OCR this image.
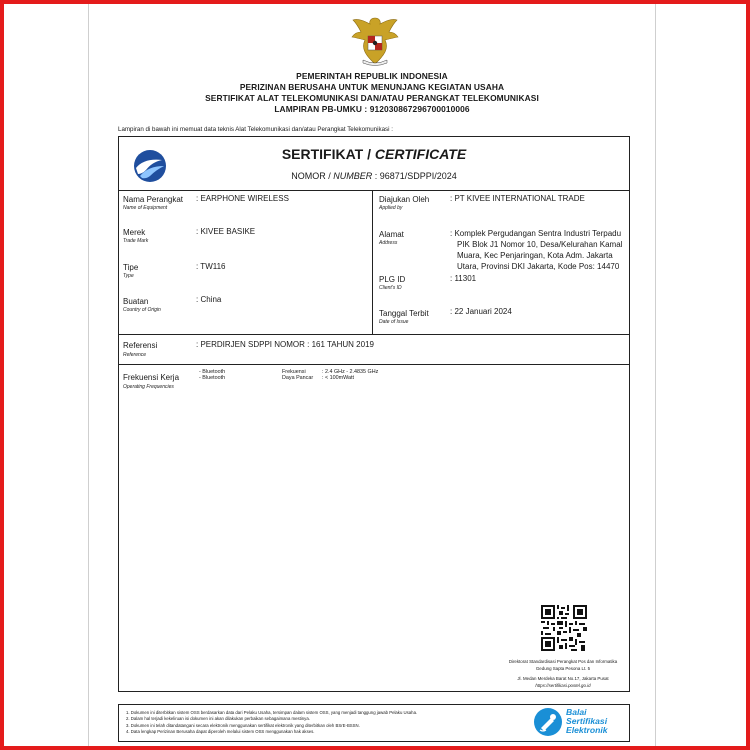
PEMERINTAH REPUBLIK INDONESIA
PERIZINAN BERUSAHA UNTUK MENUNJANG KEGIATAN USAHA
SERTIFIKAT ALAT TELEKOMUNIKASI DAN/ATAU PERANGKAT TELEKOMUNIKASI
LAMPIRAN PB-UMKU : 912030867296700010006
Lampiran di bawah ini memuat data teknis Alat Telekomunikasi dan/atau Perangkat Telekomunikasi :
SERTIFIKAT / CERTIFICATE
NOMOR / NUMBER : 96871/SDPPI/2024
Nama Perangkat
Name of Equipment
: EARPHONE WIRELESS
Merek
Trade Mark
: KIVEE BASIKE
Tipe
Type
: TW116
Buatan
Country of Origin
: China
Diajukan Oleh
Applied by
: PT KIVEE INTERNATIONAL TRADE
Alamat
Address
: Komplek Pergudangan Sentra Industri Terpadu
PIK Blok J1 Nomor 10, Desa/Kelurahan Kamal
Muara, Kec Penjaringan, Kota Adm. Jakarta
Utara, Provinsi DKI Jakarta, Kode Pos: 14470
PLG ID
Client's ID
: 11301
Tanggal Terbit
Date of Issue
: 22 Januari 2024
Referensi
Reference
: PERDIRJEN SDPPI NOMOR : 161 TAHUN 2019
Frekuensi Kerja
Operating Frequencies
- Bluetooth
- Bluetooth
Frekuensi
Daya Pancar
: 2.4 GHz - 2.4835 GHz
: < 100mWatt
Direktorat Standardisasi Perangkat Pos dan Informatika
Gedung Sapta Pesona Lt. 5
Jl. Medan Merdeka Barat No.17, Jakarta Pusat
https://sertifikasi.postel.go.id
1. Dokumen ini diterbitkan sistem OSS berdasarkan data dari Pelaku Usaha, tersimpan dalam sistem OSS, yang menjadi tanggung jawab Pelaku Usaha.
2. Dalam hal terjadi kekeliruan isi dokumen ini akan dilakukan perbaikan sebagaimana mestinya.
3. Dokumen ini telah ditandatangani secara elektronik menggunakan sertifikat elektronik yang diterbitkan oleh BSrE-BSSN.
4. Data lengkap Perizinan Berusaha dapat diperoleh melalui sistem OSS menggunakan hak akses.
Balai
Sertifikasi
Elektronik
